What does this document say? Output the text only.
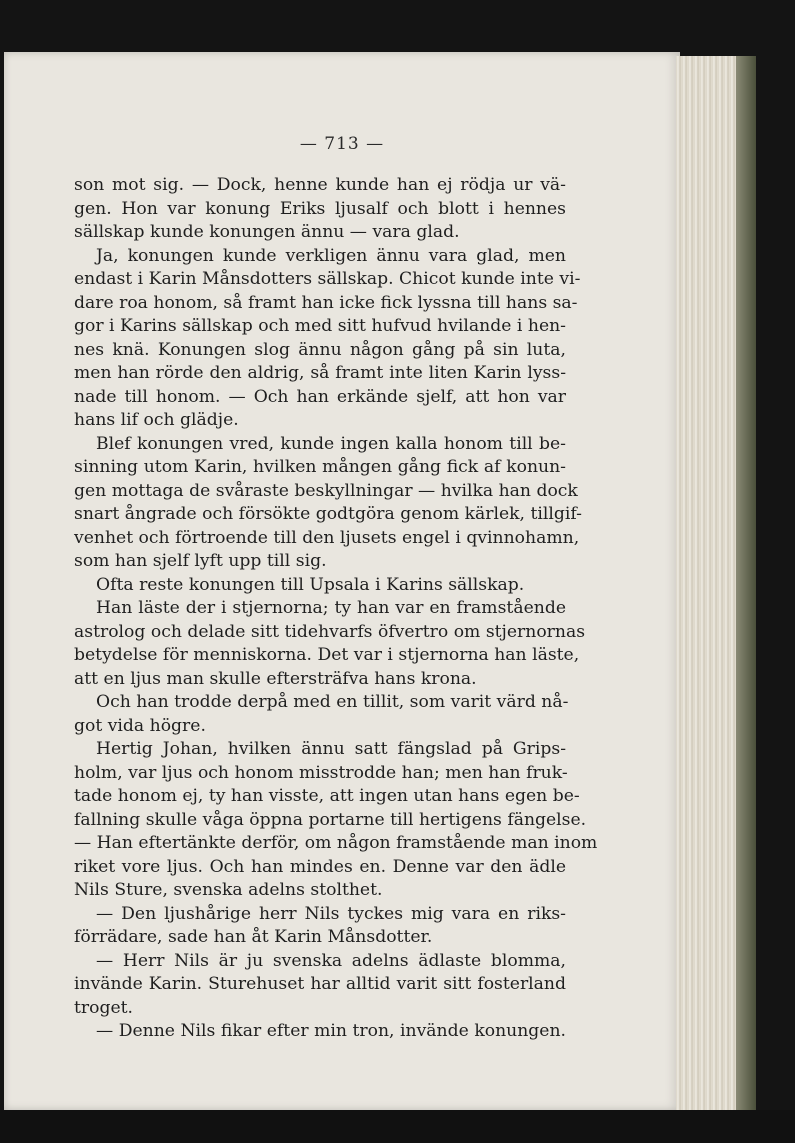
— 713 —
son mot sig. — Dock, henne kunde han ej rödja ur vä-
gen. Hon var konung Eriks ljusalf och blott i hennes
sällskap kunde konungen ännu — vara glad.
Ja, konungen kunde verkligen ännu vara glad, men
endast i Karin Månsdotters sällskap. Chicot kunde inte vi-
dare roa honom, så framt han icke fick lyssna till hans sa-
gor i Karins sällskap och med sitt hufvud hvilande i hen-
nes knä. Konungen slog ännu någon gång på sin luta,
men han rörde den aldrig, så framt inte liten Karin lyss-
nade till honom. — Och han erkände sjelf, att hon var
hans lif och glädje.
Blef konungen vred, kunde ingen kalla honom till be-
sinning utom Karin, hvilken mången gång fick af konun-
gen mottaga de svåraste beskyllningar — hvilka han dock
snart ångrade och försökte godtgöra genom kärlek, tillgif-
venhet och förtroende till den ljusets engel i qvinnohamn,
som han sjelf lyft upp till sig.
Ofta reste konungen till Upsala i Karins sällskap.
Han läste der i stjernorna; ty han var en framstående
astrolog och delade sitt tidehvarfs öfvertro om stjernornas
betydelse för menniskorna. Det var i stjernorna han läste,
att en ljus man skulle eftersträfva hans krona.
Och han trodde derpå med en tillit, som varit värd nå-
got vida högre.
Hertig Johan, hvilken ännu satt fängslad på Grips-
holm, var ljus och honom misstrodde han; men han fruk-
tade honom ej, ty han visste, att ingen utan hans egen be-
fallning skulle våga öppna portarne till hertigens fängelse.
— Han eftertänkte derför, om någon framstående man inom
riket vore ljus. Och han mindes en. Denne var den ädle
Nils Sture, svenska adelns stolthet.
— Den ljushårige herr Nils tyckes mig vara en riks-
förrädare, sade han åt Karin Månsdotter.
— Herr Nils är ju svenska adelns ädlaste blomma,
invände Karin. Sturehuset har alltid varit sitt fosterland
troget.
— Denne Nils fikar efter min tron, invände konungen.
